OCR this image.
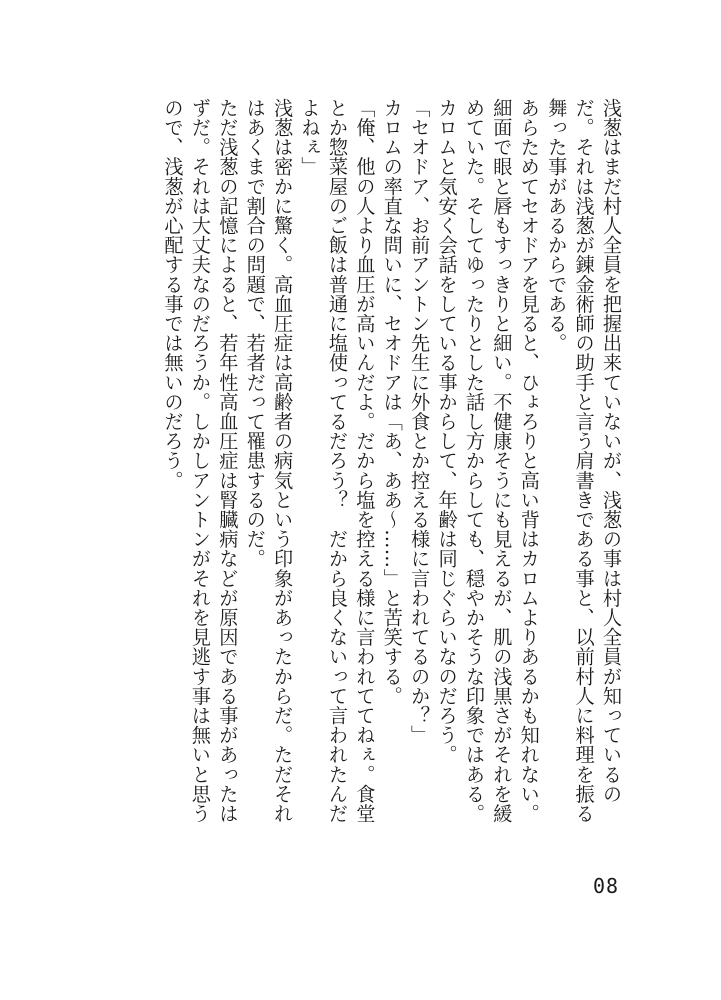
浅葱はまだ村人全員を把握出来ていないが、浅葱の事は村人全員が知っているのだ。それは浅葱が錬金術師の助手と言う肩書きである事と、以前村人に料理を振る舞った事があるからである。
あらためてセオドアを見ると、ひょろりと高い背はカロムよりあるかも知れない。細面で眼と唇もすっきりと細い。不健康そうにも見えるが、肌の浅黒さがそれを緩めていた。そしてゆったりとした話し方からしても、穏やかそうな印象ではある。カロムと気安く会話をしている事からして、年齢は同じぐらいなのだろう。
「セオドア、お前アントン先生に外食とか控える様に言われてるのか？」
カロムの率直な問いに、セオドアは「あ、ああ〜……」と苦笑する。
「俺、他の人より血圧が高いんだよ。だから塩を控える様に言われててねぇ。食堂とか惣菜屋のご飯は普通に塩使ってるだろう？　だから良くないって言われたんだよねぇ」
浅葱は密かに驚く。高血圧症は高齢者の病気という印象があったからだ。ただそれはあくまで割合の問題で、若者だって罹患するのだ。
ただ浅葱の記憶によると、若年性高血圧症は腎臓病などが原因である事があったはずだ。それは大丈夫なのだろうか。しかしアントンがそれを見逃す事は無いと思うので、浅葱が心配する事では無いのだろう。
08
